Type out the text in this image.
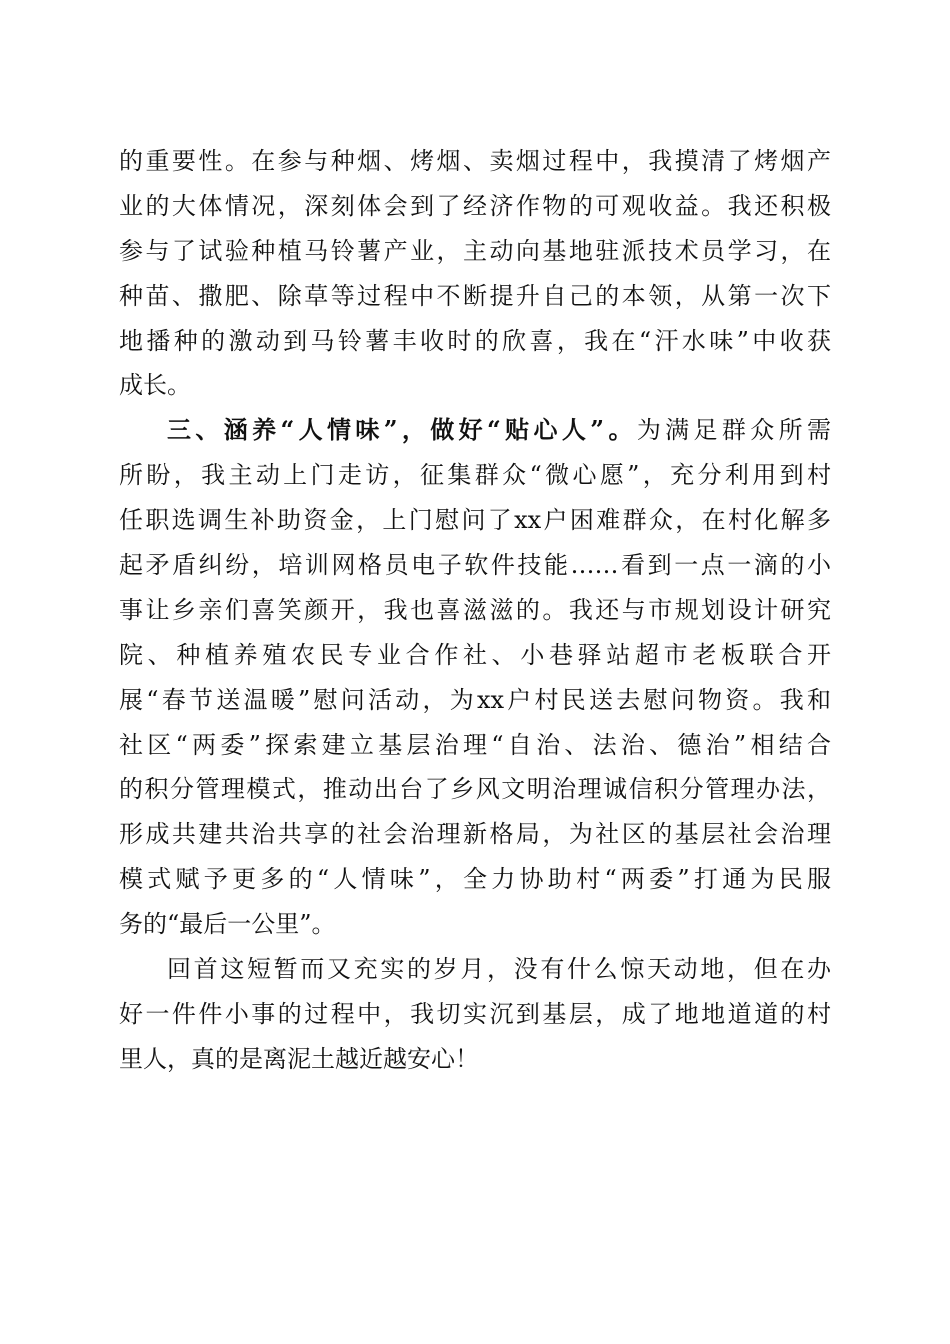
的重要性。在参与种烟、烤烟、卖烟过程中，我摸清了烤烟产
业的大体情况，深刻体会到了经济作物的可观收益。我还积极
参与了试验种植马铃薯产业，主动向基地驻派技术员学习，在
种苗、撒肥、除草等过程中不断提升自己的本领，从第一次下
地播种的激动到马铃薯丰收时的欣喜，我在“汗水味”中收获
成长。
三、涵养“人情味”，做好“贴心人”。为满足群众所需
所盼，我主动上门走访，征集群众“微心愿”，充分利用到村
任职选调生补助资金，上门慰问了xx户困难群众，在村化解多
起矛盾纠纷，培训网格员电子软件技能……看到一点一滴的小
事让乡亲们喜笑颜开，我也喜滋滋的。我还与市规划设计研究
院、种植养殖农民专业合作社、小巷驿站超市老板联合开
展“春节送温暖”慰问活动，为xx户村民送去慰问物资。我和
社区“两委”探索建立基层治理“自治、法治、德治”相结合
的积分管理模式，推动出台了乡风文明治理诚信积分管理办法，
形成共建共治共享的社会治理新格局，为社区的基层社会治理
模式赋予更多的“人情味”，全力协助村“两委”打通为民服
务的“最后一公里”。
回首这短暂而又充实的岁月，没有什么惊天动地，但在办
好一件件小事的过程中，我切实沉到基层，成了地地道道的村
里人，真的是离泥土越近越安心！
